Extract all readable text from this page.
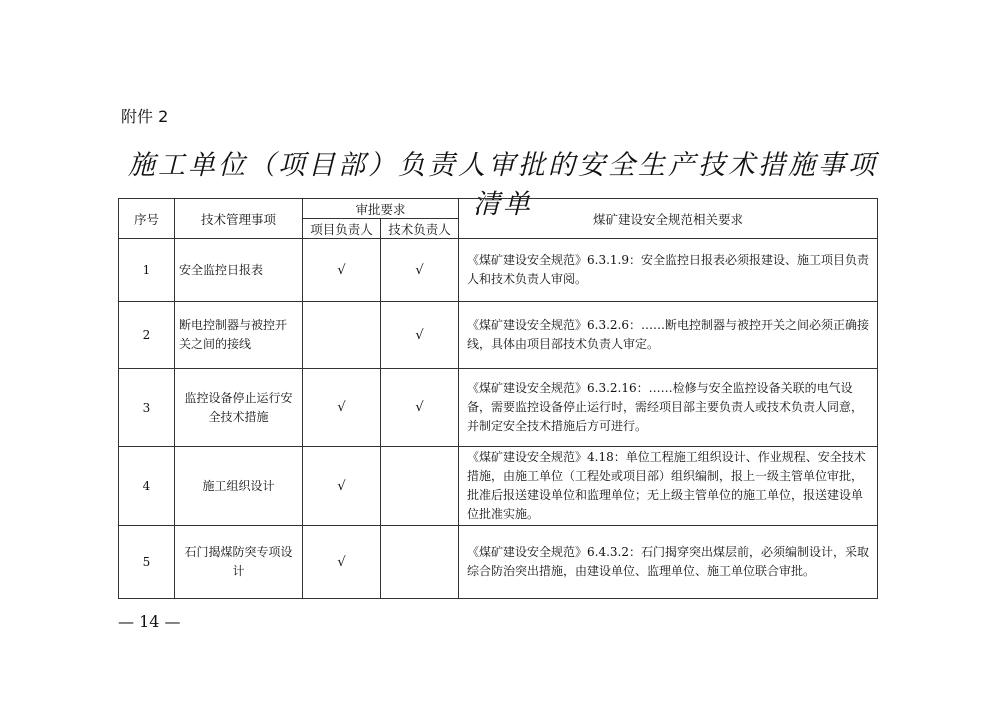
附件 2
施工单位（项目部）负责人审批的安全生产技术措施事项清单
序号	技术管理事项	审批要求		煤矿建设安全规范相关要求
		项目负责人	技术负责人	
1	安全监控日报表	√	√	《煤矿建设安全规范》6.3.1.9：安全监控日报表必须报建设、施工项目负责人和技术负责人审阅。
2	断电控制器与被控开关之间的接线		√	《煤矿建设安全规范》6.3.2.6：……断电控制器与被控开关之间必须正确接线，具体由项目部技术负责人审定。
3	监控设备停止运行安全技术措施	√	√	《煤矿建设安全规范》6.3.2.16：……检修与安全监控设备关联的电气设备，需要监控设备停止运行时，需经项目部主要负责人或技术负责人同意，并制定安全技术措施后方可进行。
4	施工组织设计	√		《煤矿建设安全规范》4.18：单位工程施工组织设计、作业规程、安全技术措施，由施工单位（工程处或项目部）组织编制，报上一级主管单位审批，批准后报送建设单位和监理单位；无上级主管单位的施工单位，报送建设单位批准实施。
5	石门揭煤防突专项设计	√		《煤矿建设安全规范》6.4.3.2：石门揭穿突出煤层前，必须编制设计，采取综合防治突出措施，由建设单位、监理单位、施工单位联合审批。
— 14 —
